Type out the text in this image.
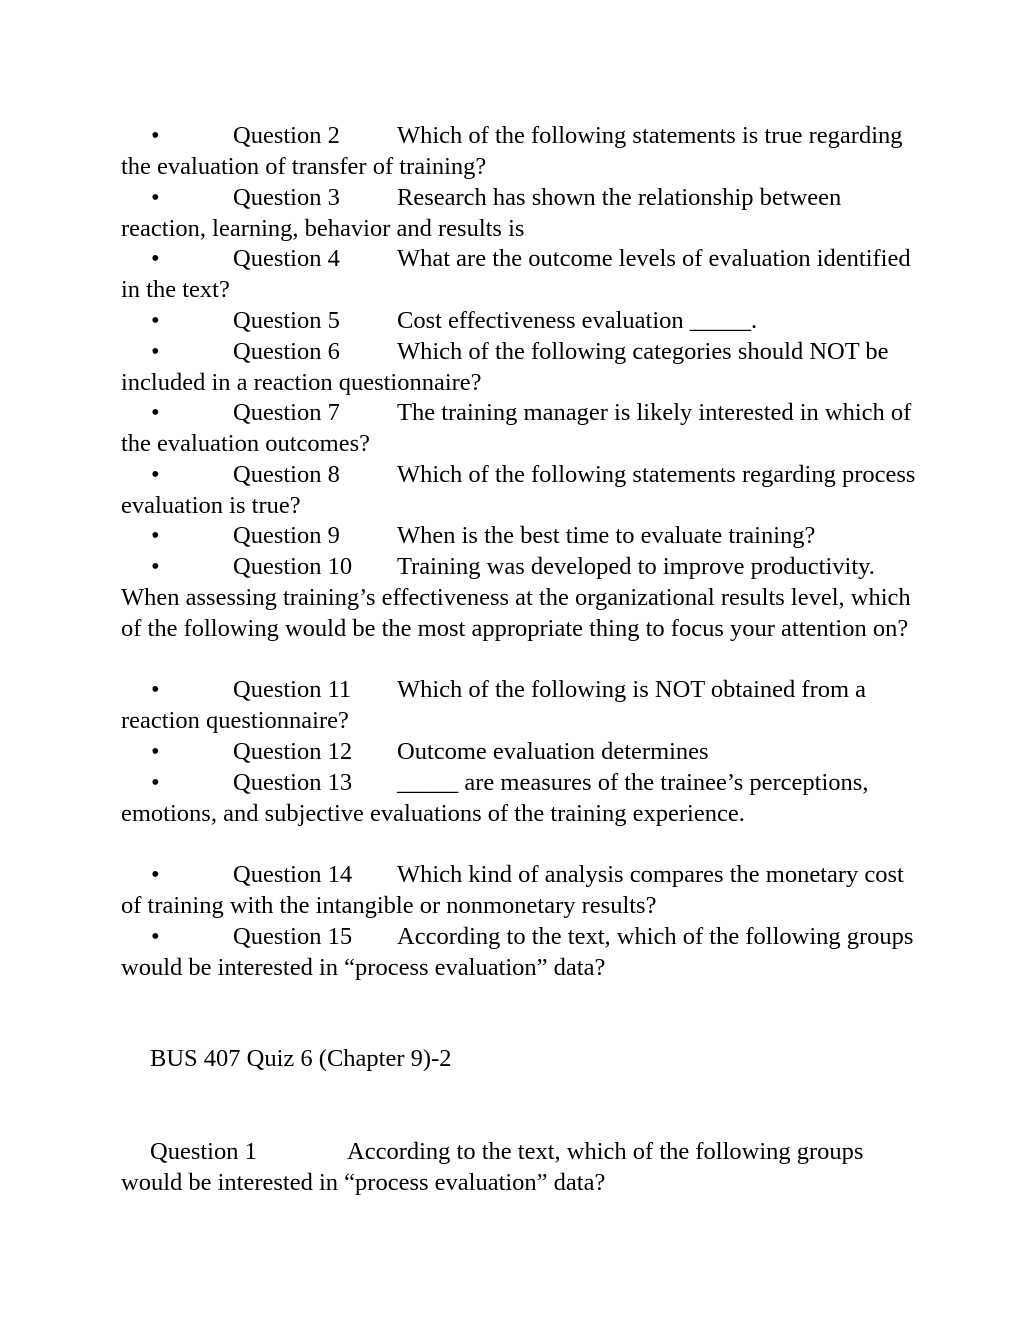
•	Question 2 Which of the following statements is true regarding the evaluation of transfer of training?

•	Question 3 Research has shown the relationship between reaction, learning, behavior and results is

•	Question 4 What are the outcome levels of evaluation identified in the text?

•	Question 5 Cost effectiveness evaluation _____.

•	Question 6 Which of the following categories should NOT be included in a reaction questionnaire?

•	Question 7 The training manager is likely interested in which of the evaluation outcomes?

•	Question 8 Which of the following statements regarding process evaluation is true?

•	Question 9 When is the best time to evaluate training?

•	Question 10 Training was developed to improve productivity. When assessing training’s effectiveness at the organizational results level, which of the following would be the most appropriate thing to focus your attention on?

•	Question 11 Which of the following is NOT obtained from a reaction questionnaire?

•	Question 12 Outcome evaluation determines

•	Question 13 _____ are measures of the trainee’s perceptions, emotions, and subjective evaluations of the training experience.

•	Question 14 Which kind of analysis compares the monetary cost of training with the intangible or nonmonetary results?

•	Question 15 According to the text, which of the following groups would be interested in “process evaluation” data?

BUS 407 Quiz 6 (Chapter 9)-2

Question 1	According to the text, which of the following groups would be interested in “process evaluation” data?
